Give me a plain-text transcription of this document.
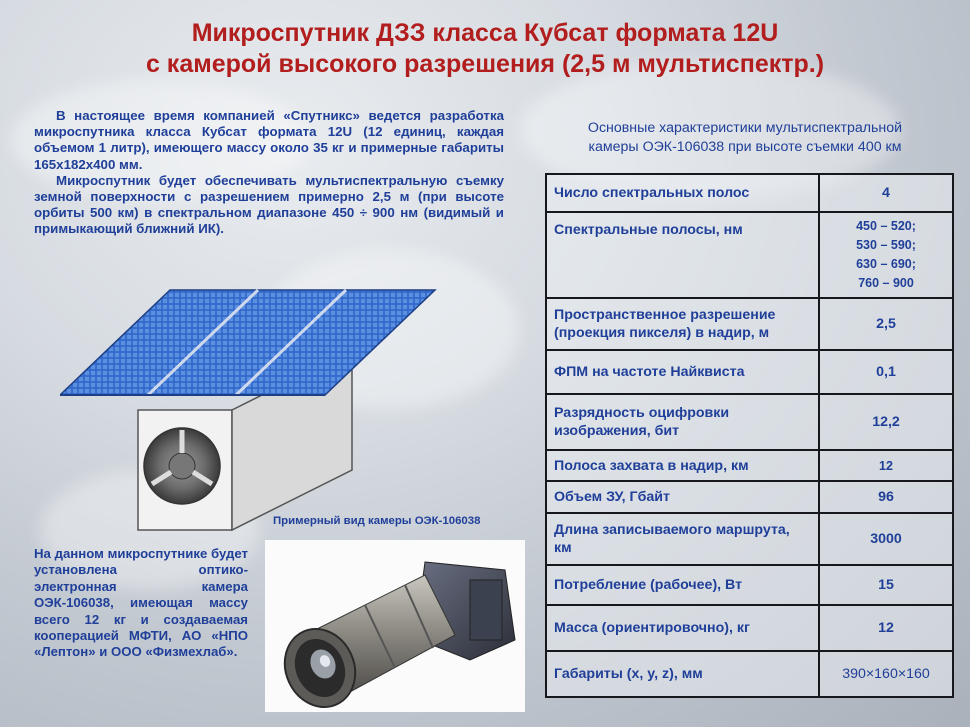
Микроспутник ДЗЗ класса Кубсат формата 12U
с камерой высокого разрешения (2,5 м мультиспектр.)

В настоящее время компанией «Спутникс» ведется разработка микроспутника класса Кубсат формата 12U (12 единиц, каждая объемом 1 литр), имеющего массу около 35 кг и примерные габариты 165х182х400 мм.

Микроспутник будет обеспечивать мультиспектральную съемку земной поверхности с разрешением примерно 2,5 м (при высоте орбиты 500 км) в спектральном диапазоне 450 ÷ 900 нм (видимый и примыкающий ближний ИК).

Примерный вид камеры ОЭК-106038
На данном микроспутнике будет установлена оптико-электронная камера ОЭК-106038, имеющая массу всего 12 кг и создаваемая кооперацией МФТИ, АО «НПО «Лептон» и ООО «Физмехлаб».
Основные характеристики мультиспектральной
камеры ОЭК-106038 при высоте съемки 400 км
Число спектральных полос	4
Спектральные полосы, нм	450 – 520;
530 – 590;
630 – 690;
760 – 900

Пространственное разрешение (проекция пикселя) в надир, м	2,5
ФПМ на частоте Найквиста	0,1
Разрядность оцифровки изображения, бит	12,2
Полоса захвата в надир, км	12
Объем ЗУ, Гбайт	96
Длина записываемого маршрута, км	3000
Потребление (рабочее), Вт	15
Масса (ориентировочно), кг	12
Габариты (x, y, z), мм	390×160×160
